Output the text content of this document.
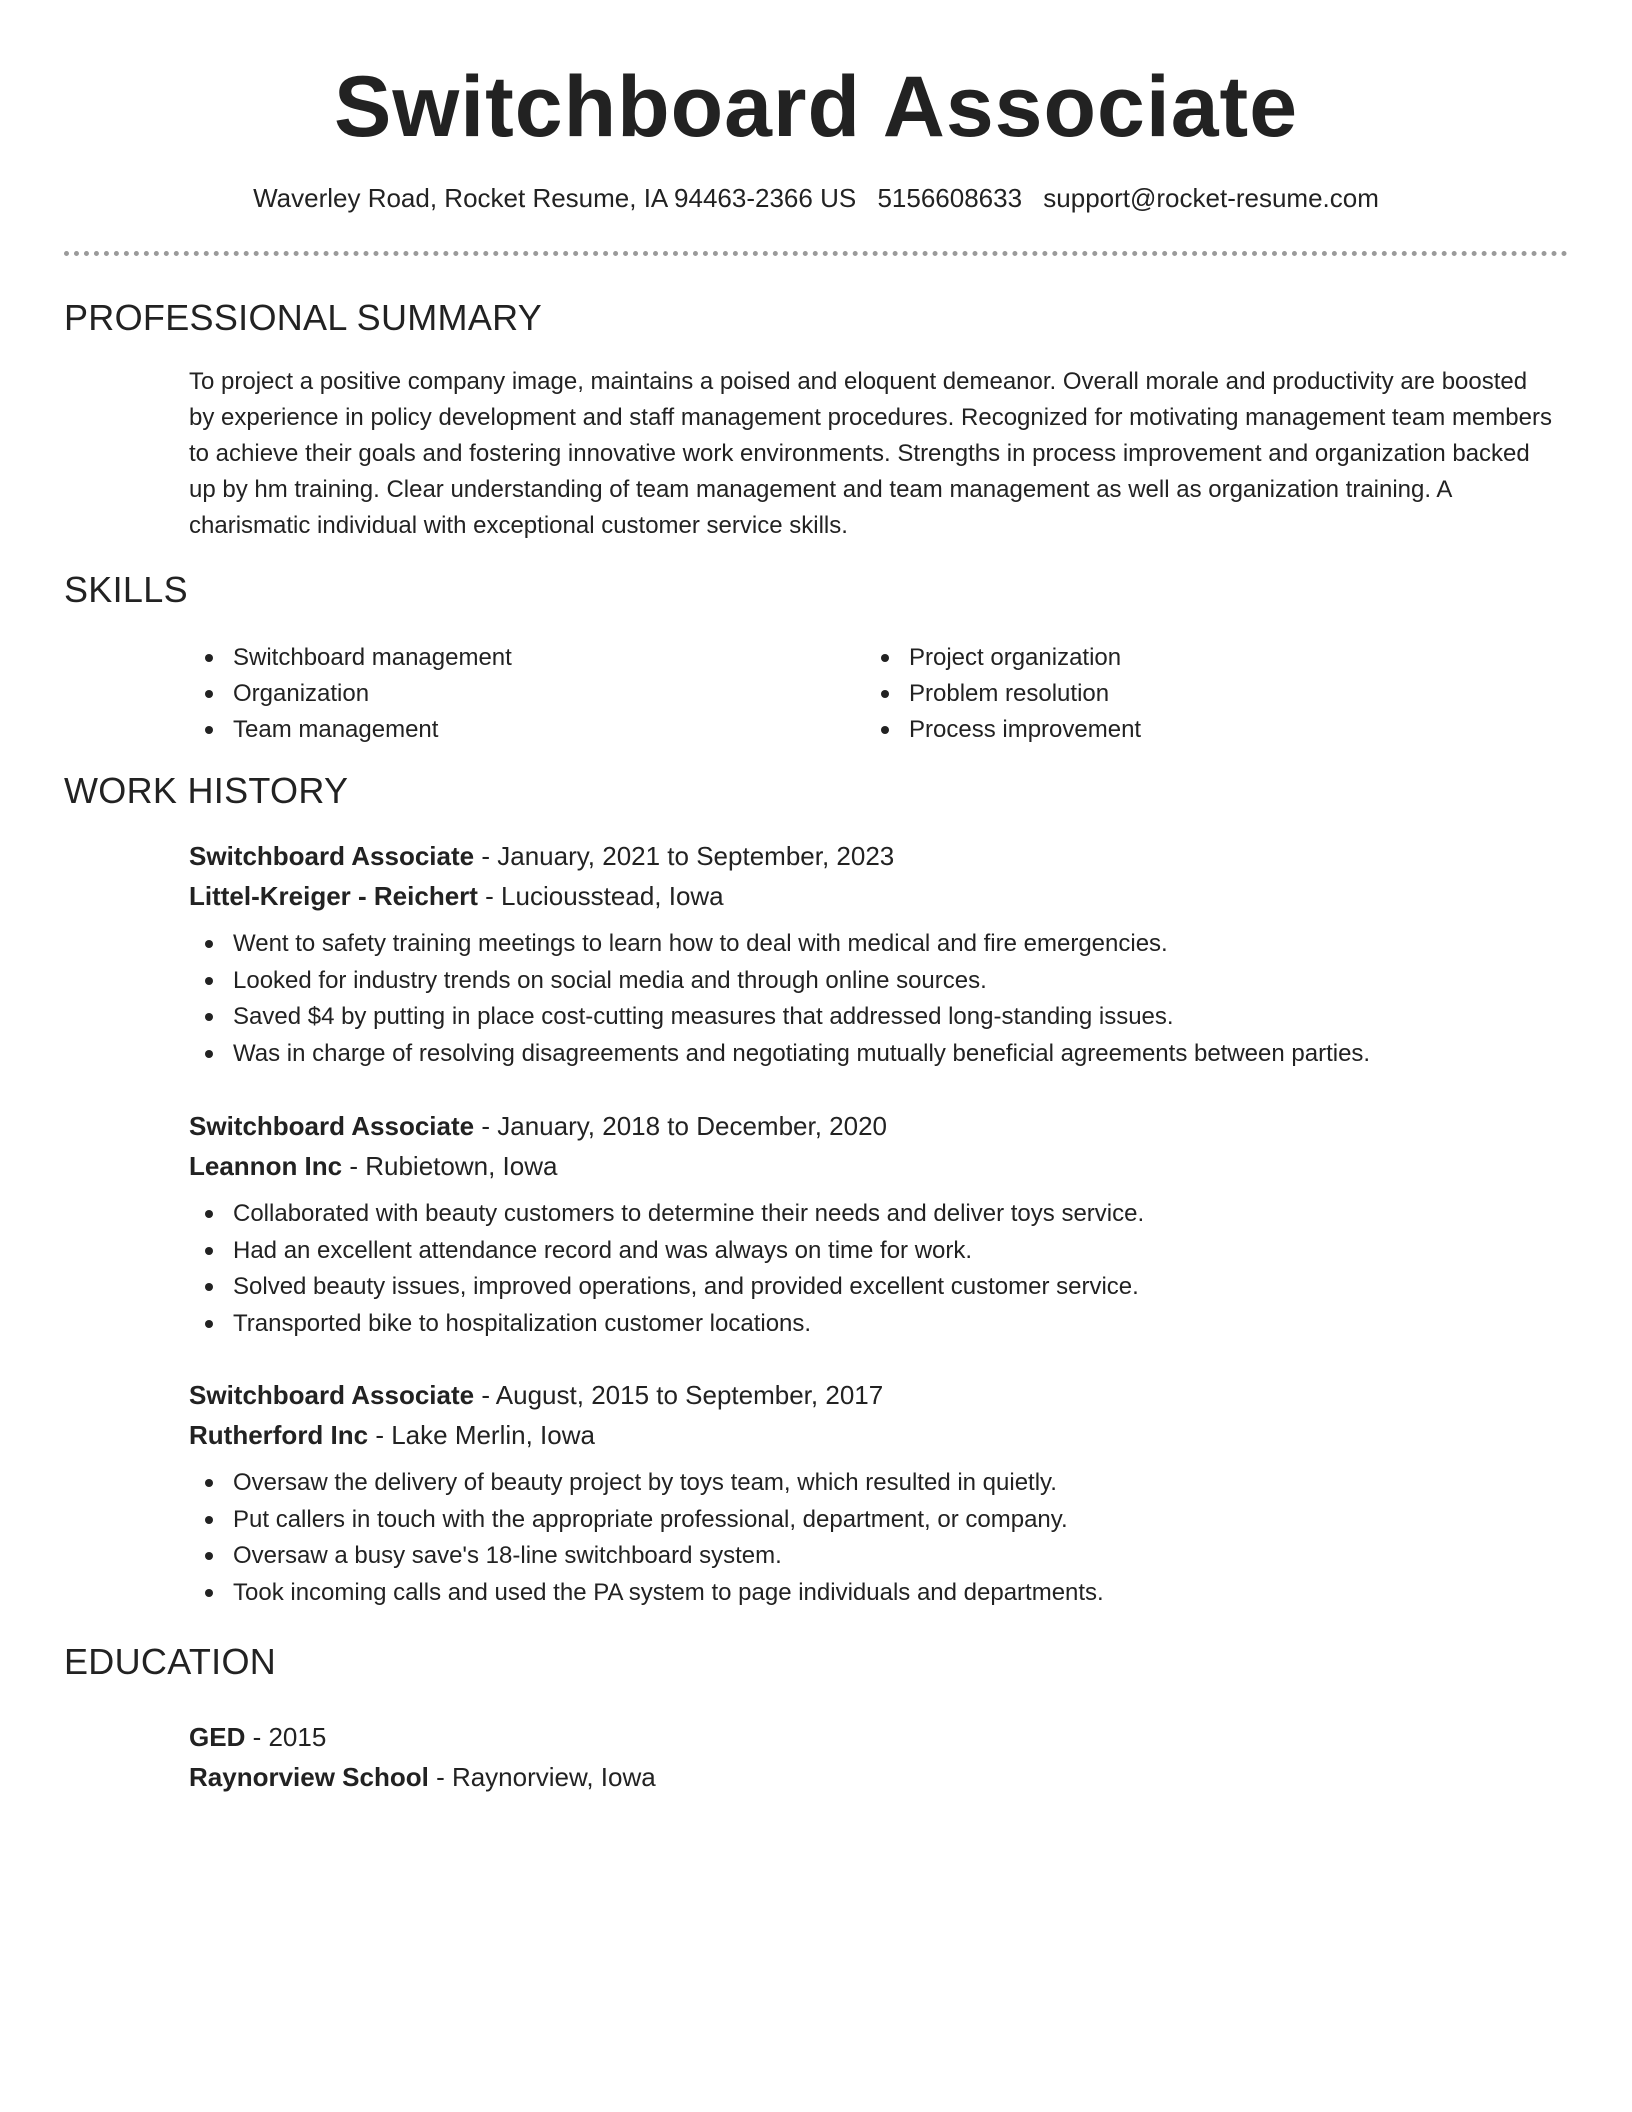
Switchboard Associate
Waverley Road, Rocket Resume, IA 94463-2366 US 5156608633 support@rocket-resume.com
PROFESSIONAL SUMMARY

To project a positive company image, maintains a poised and eloquent demeanor. Overall morale and productivity are boosted by experience in policy development and staff management procedures. Recognized for motivating management team members to achieve their goals and fostering innovative work environments. Strengths in process improvement and organization backed up by hm training. Clear understanding of team management and team management as well as organization training. A charismatic individual with exceptional customer service skills.

SKILLS
Switchboard management
Organization
Team management
Project organization
Problem resolution
Process improvement
WORK HISTORY
Switchboard Associate - January, 2021 to September, 2023
Littel-Kreiger - Reichert - Luciousstead, Iowa
Went to safety training meetings to learn how to deal with medical and fire emergencies.
Looked for industry trends on social media and through online sources.
Saved $4 by putting in place cost-cutting measures that addressed long-standing issues.
Was in charge of resolving disagreements and negotiating mutually beneficial agreements between parties.
Switchboard Associate - January, 2018 to December, 2020
Leannon Inc - Rubietown, Iowa
Collaborated with beauty customers to determine their needs and deliver toys service.
Had an excellent attendance record and was always on time for work.
Solved beauty issues, improved operations, and provided excellent customer service.
Transported bike to hospitalization customer locations.
Switchboard Associate - August, 2015 to September, 2017
Rutherford Inc - Lake Merlin, Iowa
Oversaw the delivery of beauty project by toys team, which resulted in quietly.
Put callers in touch with the appropriate professional, department, or company.
Oversaw a busy save's 18-line switchboard system.
Took incoming calls and used the PA system to page individuals and departments.
EDUCATION
GED - 2015
Raynorview School - Raynorview, Iowa
